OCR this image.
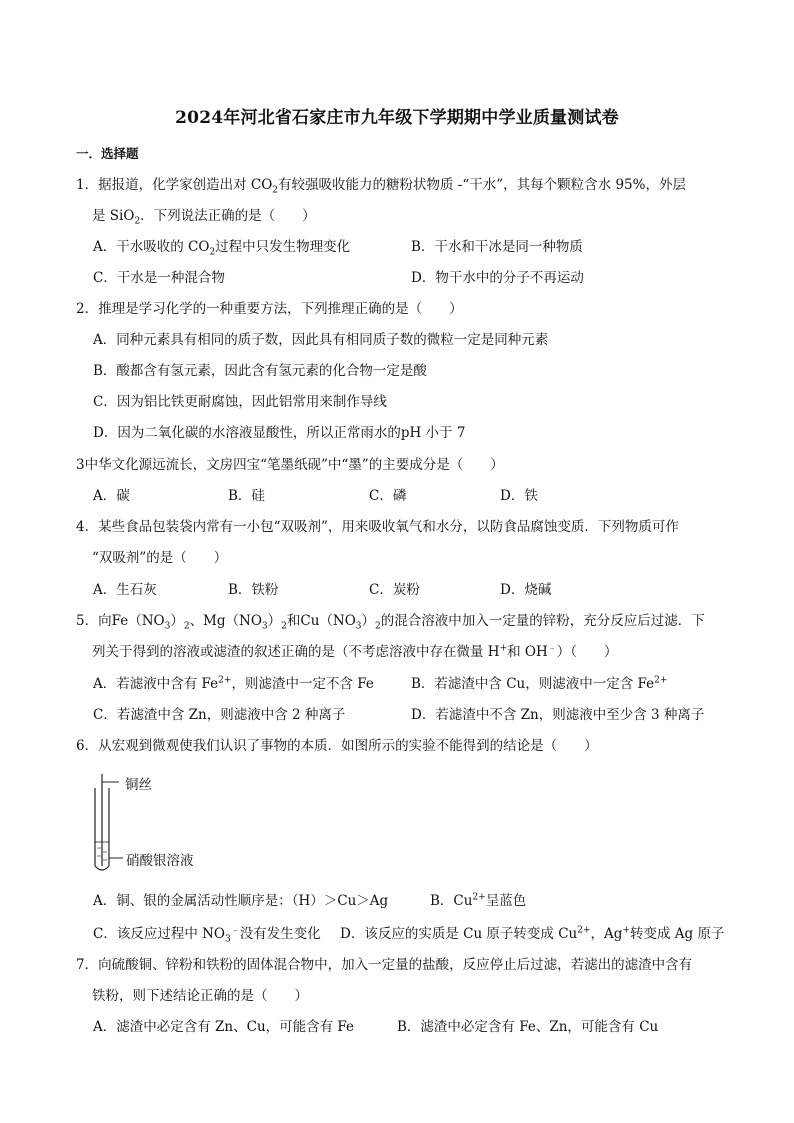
2024年河北省石家庄市九年级下学期期中学业质量测试卷
一．选择题
1．据报道，化学家创造出对 $CO_2$有较强吸收能力的糖粉状物质 -“干水”，其每个颗粒含水 95%，外层
是 SiO$_2$．下列说法正确的是（　　）
A．干水吸收的 $CO_2$过程中只发生物理变化	B．干水和干冰是同一种物质
C．干水是一种混合物	D．物干水中的分子不再运动
2．推理是学习化学的一种重要方法，下列推理正确的是（　　）
A．同种元素具有相同的质子数，因此具有相同质子数的微粒一定是同种元素
B．酸都含有氢元素，因此含有氢元素的化合物一定是酸
C．因为铝比铁更耐腐蚀，因此铝常用来制作导线
D．因为二氧化碳的水溶液显酸性，所以正常雨水的pH 小于 7
3中华文化源远流长，文房四宝“笔墨纸砚”中“墨”的主要成分是（　　）
A．碳	B．硅	C．磷	D．铁
4．某些食品包装袋内常有一小包“双吸剂”，用来吸收氧气和水分，以防食品腐蚀变质．下列物质可作
“双吸剂”的是（　　）
A．生石灰	B．铁粉	C．炭粉	D．烧碱
5．向$Fe(NO_3)_2$、$Mg(NO_3)_2$和$Cu(NO_3)_2$的混合溶液中加入一定量的锌粉，充分反应后过滤．下
列关于得到的溶液或滤渣的叙述正确的是（不考虑溶液中存在微量 H+和 OH﹣）（　　）
A．若滤液中含有 $Fe^{2+}$，则滤渣中一定不含 Fe	B．若滤渣中含 Cu，则滤液中一定含 $Fe^{2+}$
C．若滤渣中含 Zn，则滤液中含 2 种离子	D．若滤渣中不含 Zn，则滤液中至少含 3 种离子
6．从宏观到微观使我们认识了事物的本质．如图所示的实验不能得到的结论是（　　）
铜丝
硝酸银溶液
A．铜、银的金属活动性顺序是：（H）＞Cu＞Ag	B．$Cu^{2+}$呈蓝色
C．该反应过程中 $NO_3^﹣$没有发生变化 D．该反应的实质是 Cu 原子转变成 $Cu^{2+}$，Ag+转变成 Ag 原子
7．向硫酸铜、锌粉和铁粉的固体混合物中，加入一定量的盐酸，反应停止后过滤，若滤出的滤渣中含有
铁粉，则下述结论正确的是（　　）
A．滤渣中必定含有 Zn、Cu，可能含有 Fe	B．滤渣中必定含有 Fe、Zn，可能含有 Cu
